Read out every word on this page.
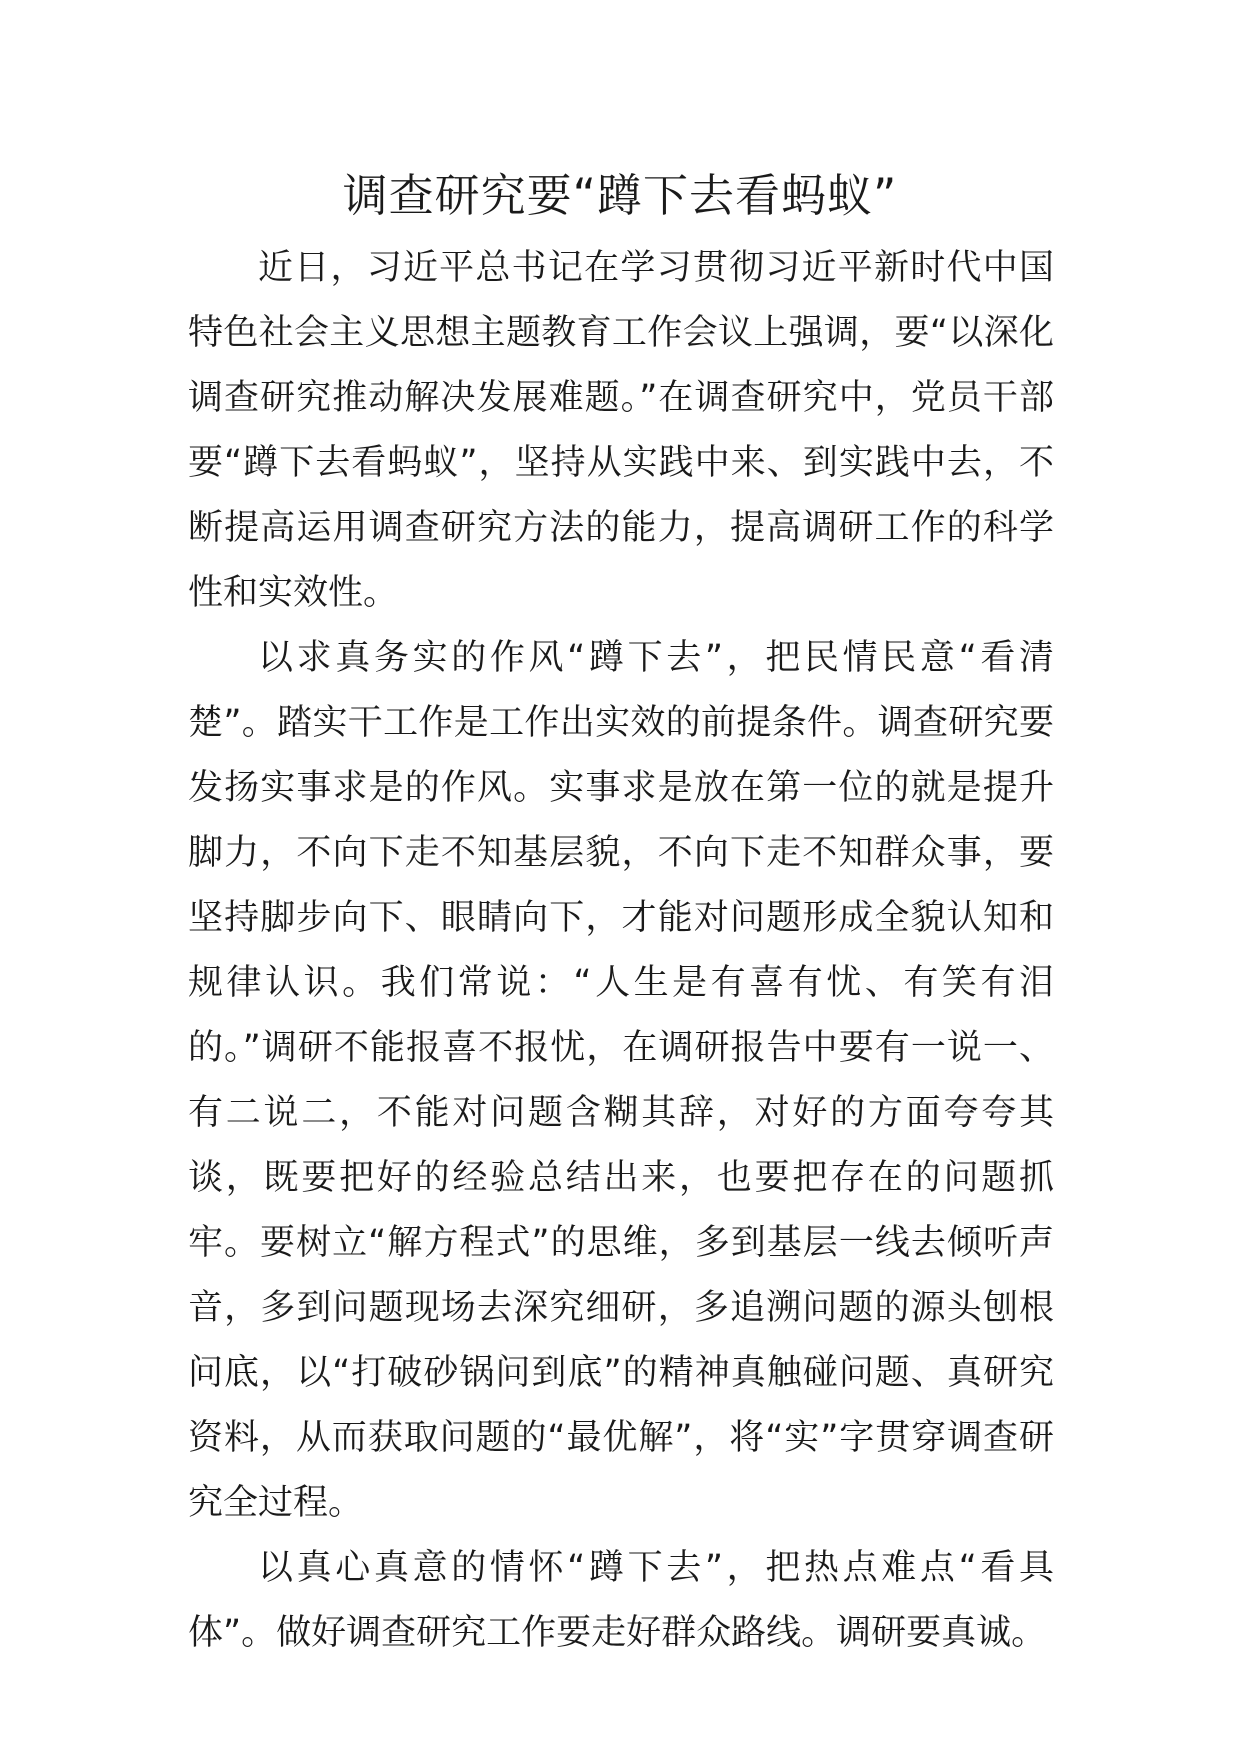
调查研究要“蹲下去看蚂蚁”

近日，习近平总书记在学习贯彻习近平新时代中国特色社会主义思想主题教育工作会议上强调，要“以深化调查研究推动解决发展难题。”在调查研究中，党员干部要“蹲下去看蚂蚁”，坚持从实践中来、到实践中去，不断提高运用调查研究方法的能力，提高调研工作的科学性和实效性。

以求真务实的作风“蹲下去”，把民情民意“看清楚”。踏实干工作是工作出实效的前提条件。调查研究要发扬实事求是的作风。实事求是放在第一位的就是提升脚力，不向下走不知基层貌，不向下走不知群众事，要坚持脚步向下、眼睛向下，才能对问题形成全貌认知和规律认识。我们常说：“人生是有喜有忧、有笑有泪的。”调研不能报喜不报忧，在调研报告中要有一说一、有二说二，不能对问题含糊其辞，对好的方面夸夸其谈，既要把好的经验总结出来，也要把存在的问题抓牢。要树立“解方程式”的思维，多到基层一线去倾听声音，多到问题现场去深究细研，多追溯问题的源头刨根问底，以“打破砂锅问到底”的精神真触碰问题、真研究资料，从而获取问题的“最优解”，将“实”字贯穿调查研究全过程。

以真心真意的情怀“蹲下去”，把热点难点“看具体”。做好调查研究工作要走好群众路线。调研要真诚。
